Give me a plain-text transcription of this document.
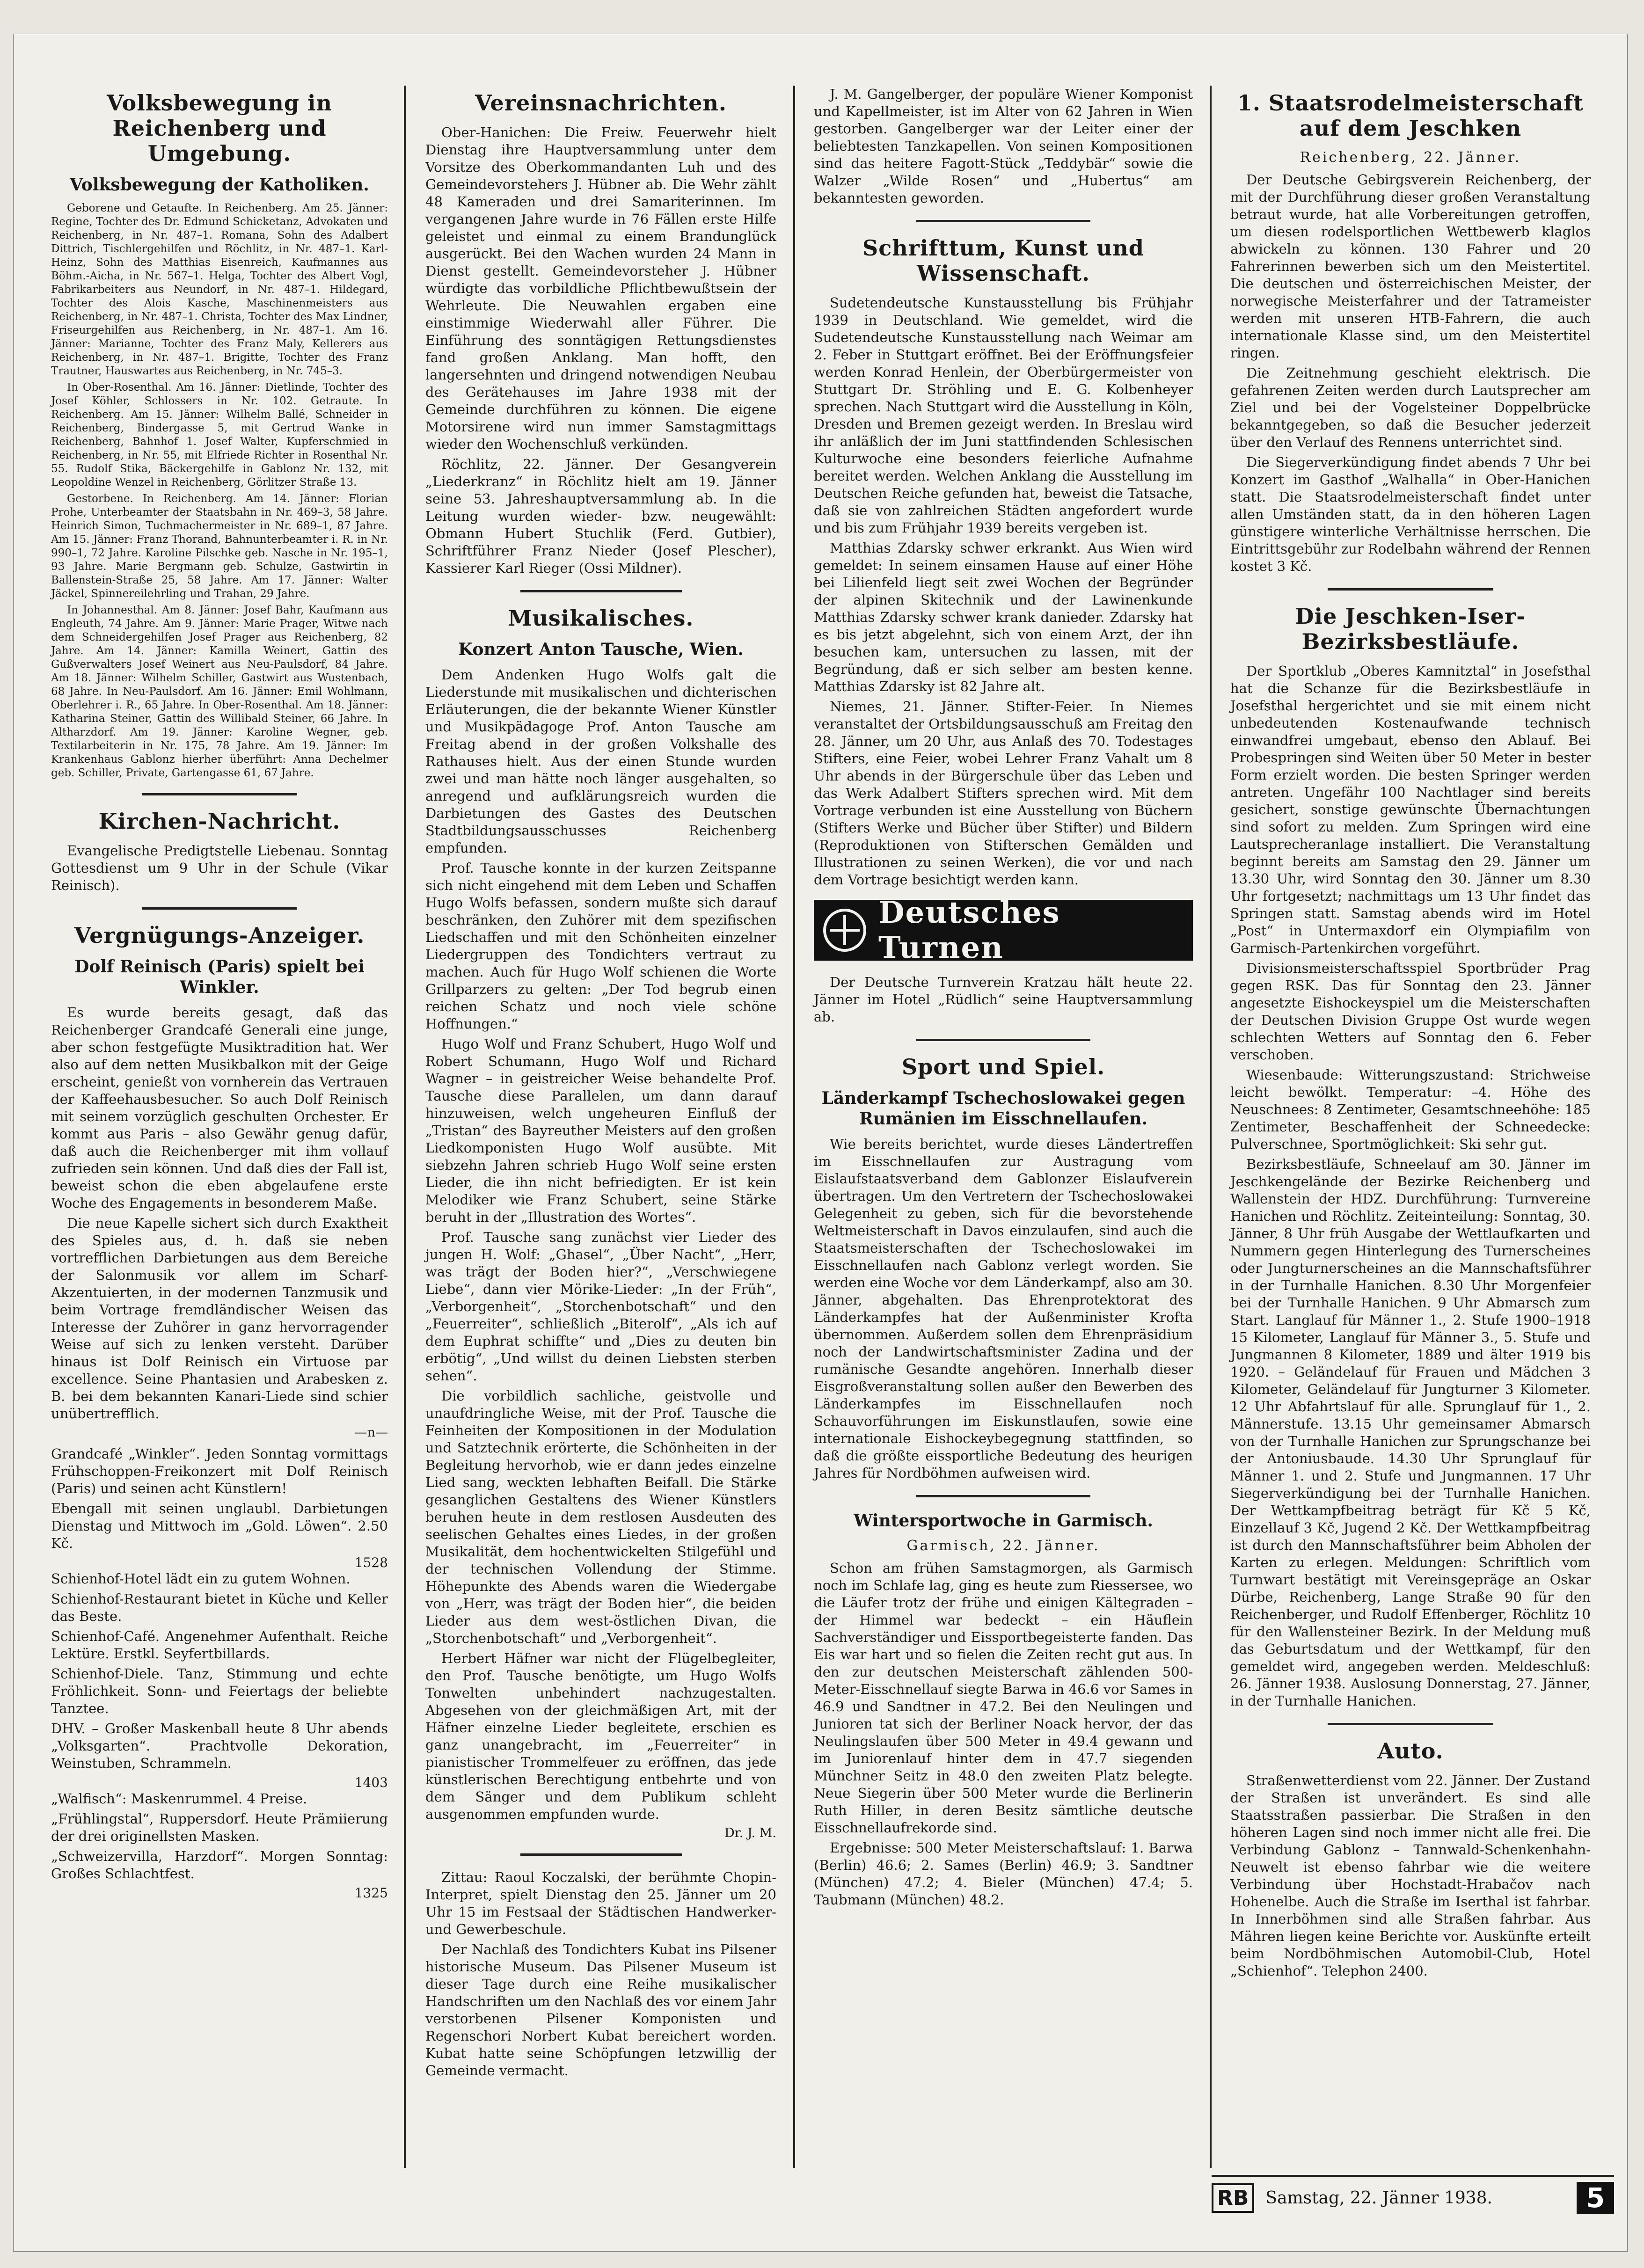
Volksbewegung in Reichenberg und Umgebung.
Volksbewegung der Katholiken.

Geborene und Getaufte. In Reichenberg. Am 25. Jänner: Regine, Tochter des Dr. Edmund Schicketanz, Advokaten und Reichenberg, in Nr. 487–1. Romana, Sohn des Adalbert Dittrich, Tischlergehilfen und Röchlitz, in Nr. 487–1. Karl-Heinz, Sohn des Matthias Eisenreich, Kaufmannes aus Böhm.-Aicha, in Nr. 567–1. Helga, Tochter des Albert Vogl, Fabrikarbeiters aus Neundorf, in Nr. 487–1. Hildegard, Tochter des Alois Kasche, Maschinenmeisters aus Reichenberg, in Nr. 487–1. Christa, Tochter des Max Lindner, Friseurgehilfen aus Reichenberg, in Nr. 487–1. Am 16. Jänner: Marianne, Tochter des Franz Maly, Kellerers aus Reichenberg, in Nr. 487–1. Brigitte, Tochter des Franz Trautner, Hauswartes aus Reichenberg, in Nr. 745–3.

In Ober-Rosenthal. Am 16. Jänner: Dietlinde, Tochter des Josef Köhler, Schlossers in Nr. 102. Getraute. In Reichenberg. Am 15. Jänner: Wilhelm Ballé, Schneider in Reichenberg, Bindergasse 5, mit Gertrud Wanke in Reichenberg, Bahnhof 1. Josef Walter, Kupferschmied in Reichenberg, in Nr. 55, mit Elfriede Richter in Rosenthal Nr. 55. Rudolf Stika, Bäckergehilfe in Gablonz Nr. 132, mit Leopoldine Wenzel in Reichenberg, Görlitzer Straße 13.

Gestorbene. In Reichenberg. Am 14. Jänner: Florian Prohe, Unterbeamter der Staatsbahn in Nr. 469–3, 58 Jahre. Heinrich Simon, Tuchmachermeister in Nr. 689–1, 87 Jahre. Am 15. Jänner: Franz Thorand, Bahnunterbeamter i. R. in Nr. 990–1, 72 Jahre. Karoline Pilschke geb. Nasche in Nr. 195–1, 93 Jahre. Marie Bergmann geb. Schulze, Gastwirtin in Ballenstein-Straße 25, 58 Jahre. Am 17. Jänner: Walter Jäckel, Spinnereilehrling und Trahan, 29 Jahre.

In Johannesthal. Am 8. Jänner: Josef Bahr, Kaufmann aus Engleuth, 74 Jahre. Am 9. Jänner: Marie Prager, Witwe nach dem Schneidergehilfen Josef Prager aus Reichenberg, 82 Jahre. Am 14. Jänner: Kamilla Weinert, Gattin des Gußverwalters Josef Weinert aus Neu-Paulsdorf, 84 Jahre. Am 18. Jänner: Wilhelm Schiller, Gastwirt aus Wustenbach, 68 Jahre. In Neu-Paulsdorf. Am 16. Jänner: Emil Wohlmann, Oberlehrer i. R., 65 Jahre. In Ober-Rosenthal. Am 18. Jänner: Katharina Steiner, Gattin des Willibald Steiner, 66 Jahre. In Altharzdorf. Am 19. Jänner: Karoline Wegner, geb. Textilarbeiterin in Nr. 175, 78 Jahre. Am 19. Jänner: Im Krankenhaus Gablonz hierher überführt: Anna Dechelmer geb. Schiller, Private, Gartengasse 61, 67 Jahre.

Kirchen-Nachricht.

Evangelische Predigtstelle Liebenau. Sonntag Gottesdienst um 9 Uhr in der Schule (Vikar Reinisch).

Vergnügungs-Anzeiger.
Dolf Reinisch (Paris) spielt bei Winkler.

Es wurde bereits gesagt, daß das Reichenberger Grandcafé Generali eine junge, aber schon festgefügte Musiktradition hat. Wer also auf dem netten Musikbalkon mit der Geige erscheint, genießt von vornherein das Vertrauen der Kaffeehausbesucher. So auch Dolf Reinisch mit seinem vorzüglich geschulten Orchester. Er kommt aus Paris – also Gewähr genug dafür, daß auch die Reichenberger mit ihm vollauf zufrieden sein können. Und daß dies der Fall ist, beweist schon die eben abgelaufene erste Woche des Engagements in besonderem Maße.

Die neue Kapelle sichert sich durch Exaktheit des Spieles aus, d. h. daß sie neben vortrefflichen Darbietungen aus dem Bereiche der Salonmusik vor allem im Scharf-Akzentuierten, in der modernen Tanzmusik und beim Vortrage fremdländischer Weisen das Interesse der Zuhörer in ganz hervorragender Weise auf sich zu lenken versteht. Darüber hinaus ist Dolf Reinisch ein Virtuose par excellence. Seine Phantasien und Arabesken z. B. bei dem bekannten Kanari-Liede sind schier unübertrefflich.

—n—

Grandcafé „Winkler“. Jeden Sonntag vormittags Frühschoppen-Freikonzert mit Dolf Reinisch (Paris) und seinen acht Künstlern!

Ebengall mit seinen unglaubl. Darbietungen Dienstag und Mittwoch im „Gold. Löwen“. 2.50 Kč.

1528

Schienhof-Hotel lädt ein zu gutem Wohnen.

Schienhof-Restaurant bietet in Küche und Keller das Beste.

Schienhof-Café. Angenehmer Aufenthalt. Reiche Lektüre. Erstkl. Seyfertbillards.

Schienhof-Diele. Tanz, Stimmung und echte Fröhlichkeit. Sonn- und Feiertags der beliebte Tanztee.

DHV. – Großer Maskenball heute 8 Uhr abends „Volksgarten“. Prachtvolle Dekoration, Weinstuben, Schrammeln.

1403

„Walfisch“: Maskenrummel. 4 Preise.

„Frühlingstal“, Ruppersdorf. Heute Prämiierung der drei originellsten Masken.

„Schweizervilla, Harzdorf“. Morgen Sonntag: Großes Schlachtfest.

1325
Vereinsnachrichten.

Ober-Hanichen: Die Freiw. Feuerwehr hielt Dienstag ihre Hauptversammlung unter dem Vorsitze des Oberkommandanten Luh und des Gemeindevorstehers J. Hübner ab. Die Wehr zählt 48 Kameraden und drei Samariterinnen. Im vergangenen Jahre wurde in 76 Fällen erste Hilfe geleistet und einmal zu einem Brandunglück ausgerückt. Bei den Wachen wurden 24 Mann in Dienst gestellt. Gemeindevorsteher J. Hübner würdigte das vorbildliche Pflichtbewußtsein der Wehrleute. Die Neuwahlen ergaben eine einstimmige Wiederwahl aller Führer. Die Einführung des sonntägigen Rettungsdienstes fand großen Anklang. Man hofft, den langersehnten und dringend notwendigen Neubau des Gerätehauses im Jahre 1938 mit der Gemeinde durchführen zu können. Die eigene Motorsirene wird nun immer Samstagmittags wieder den Wochenschluß verkünden.

Röchlitz, 22. Jänner. Der Gesangverein „Liederkranz“ in Röchlitz hielt am 19. Jänner seine 53. Jahreshauptversammlung ab. In die Leitung wurden wieder- bzw. neugewählt: Obmann Hubert Stuchlik (Ferd. Gutbier), Schriftführer Franz Nieder (Josef Plescher), Kassierer Karl Rieger (Ossi Mildner).

Musikalisches.
Konzert Anton Tausche, Wien.

Dem Andenken Hugo Wolfs galt die Liederstunde mit musikalischen und dichterischen Erläuterungen, die der bekannte Wiener Künstler und Musikpädagoge Prof. Anton Tausche am Freitag abend in der großen Volkshalle des Rathauses hielt. Aus der einen Stunde wurden zwei und man hätte noch länger ausgehalten, so anregend und aufklärungsreich wurden die Darbietungen des Gastes des Deutschen Stadtbildungsausschusses Reichenberg empfunden.

Prof. Tausche konnte in der kurzen Zeitspanne sich nicht eingehend mit dem Leben und Schaffen Hugo Wolfs befassen, sondern mußte sich darauf beschränken, den Zuhörer mit dem spezifischen Liedschaffen und mit den Schönheiten einzelner Liedergruppen des Tondichters vertraut zu machen. Auch für Hugo Wolf schienen die Worte Grillparzers zu gelten: „Der Tod begrub einen reichen Schatz und noch viele schöne Hoffnungen.“

Hugo Wolf und Franz Schubert, Hugo Wolf und Robert Schumann, Hugo Wolf und Richard Wagner – in geistreicher Weise behandelte Prof. Tausche diese Parallelen, um dann darauf hinzuweisen, welch ungeheuren Einfluß der „Tristan“ des Bayreuther Meisters auf den großen Liedkomponisten Hugo Wolf ausübte. Mit siebzehn Jahren schrieb Hugo Wolf seine ersten Lieder, die ihn nicht befriedigten. Er ist kein Melodiker wie Franz Schubert, seine Stärke beruht in der „Illustration des Wortes“.

Prof. Tausche sang zunächst vier Lieder des jungen H. Wolf: „Ghasel“, „Über Nacht“, „Herr, was trägt der Boden hier?“, „Verschwiegene Liebe“, dann vier Mörike-Lieder: „In der Früh“, „Verborgenheit“, „Storchenbotschaft“ und den „Feuerreiter“, schließlich „Biterolf“, „Als ich auf dem Euphrat schiffte“ und „Dies zu deuten bin erbötig“, „Und willst du deinen Liebsten sterben sehen“.

Die vorbildlich sachliche, geistvolle und unaufdringliche Weise, mit der Prof. Tausche die Feinheiten der Kompositionen in der Modulation und Satztechnik erörterte, die Schönheiten in der Begleitung hervorhob, wie er dann jedes einzelne Lied sang, weckten lebhaften Beifall. Die Stärke gesanglichen Gestaltens des Wiener Künstlers beruhen heute in dem restlosen Ausdeuten des seelischen Gehaltes eines Liedes, in der großen Musikalität, dem hochentwickelten Stilgefühl und der technischen Vollendung der Stimme. Höhepunkte des Abends waren die Wiedergabe von „Herr, was trägt der Boden hier“, die beiden Lieder aus dem west-östlichen Divan, die „Storchenbotschaft“ und „Verborgenheit“.

Herbert Häfner war nicht der Flügelbegleiter, den Prof. Tausche benötigte, um Hugo Wolfs Tonwelten unbehindert nachzugestalten. Abgesehen von der gleichmäßigen Art, mit der Häfner einzelne Lieder begleitete, erschien es ganz unangebracht, im „Feuerreiter“ in pianistischer Trommelfeuer zu eröffnen, das jede künstlerischen Berechtigung entbehrte und von dem Sänger und dem Publikum schleht ausgenommen empfunden wurde.

Dr. J. M.

Zittau: Raoul Koczalski, der berühmte Chopin-Interpret, spielt Dienstag den 25. Jänner um 20 Uhr 15 im Festsaal der Städtischen Handwerker- und Gewerbeschule.

Der Nachlaß des Tondichters Kubat ins Pilsener historische Museum. Das Pilsener Museum ist dieser Tage durch eine Reihe musikalischer Handschriften um den Nachlaß des vor einem Jahr verstorbenen Pilsener Komponisten und Regenschori Norbert Kubat bereichert worden. Kubat hatte seine Schöpfungen letzwillig der Gemeinde vermacht.

J. M. Gangelberger, der populäre Wiener Komponist und Kapellmeister, ist im Alter von 62 Jahren in Wien gestorben. Gangelberger war der Leiter einer der beliebtesten Tanzkapellen. Von seinen Kompositionen sind das heitere Fagott-Stück „Teddybär“ sowie die Walzer „Wilde Rosen“ und „Hubertus“ am bekanntesten geworden.

Schrifttum, Kunst und Wissenschaft.

Sudetendeutsche Kunstausstellung bis Frühjahr 1939 in Deutschland. Wie gemeldet, wird die Sudetendeutsche Kunstausstellung nach Weimar am 2. Feber in Stuttgart eröffnet. Bei der Eröffnungsfeier werden Konrad Henlein, der Oberbürgermeister von Stuttgart Dr. Ströhling und E. G. Kolbenheyer sprechen. Nach Stuttgart wird die Ausstellung in Köln, Dresden und Bremen gezeigt werden. In Breslau wird ihr anläßlich der im Juni stattfindenden Schlesischen Kulturwoche eine besonders feierliche Aufnahme bereitet werden. Welchen Anklang die Ausstellung im Deutschen Reiche gefunden hat, beweist die Tatsache, daß sie von zahlreichen Städten angefordert wurde und bis zum Frühjahr 1939 bereits vergeben ist.

Matthias Zdarsky schwer erkrankt. Aus Wien wird gemeldet: In seinem einsamen Hause auf einer Höhe bei Lilienfeld liegt seit zwei Wochen der Begründer der alpinen Skitechnik und der Lawinenkunde Matthias Zdarsky schwer krank danieder. Zdarsky hat es bis jetzt abgelehnt, sich von einem Arzt, der ihn besuchen kam, untersuchen zu lassen, mit der Begründung, daß er sich selber am besten kenne. Matthias Zdarsky ist 82 Jahre alt.

Niemes, 21. Jänner. Stifter-Feier. In Niemes veranstaltet der Ortsbildungsausschuß am Freitag den 28. Jänner, um 20 Uhr, aus Anlaß des 70. Todestages Stifters, eine Feier, wobei Lehrer Franz Vahalt um 8 Uhr abends in der Bürgerschule über das Leben und das Werk Adalbert Stifters sprechen wird. Mit dem Vortrage verbunden ist eine Ausstellung von Büchern (Stifters Werke und Bücher über Stifter) und Bildern (Reproduktionen von Stifterschen Gemälden und Illustrationen zu seinen Werken), die vor und nach dem Vortrage besichtigt werden kann.

Deutsches Turnen

Der Deutsche Turnverein Kratzau hält heute 22. Jänner im Hotel „Rüdlich“ seine Hauptversammlung ab.

Sport und Spiel.
Länderkampf Tschechoslowakei gegen Rumänien im Eisschnellaufen.

Wie bereits berichtet, wurde dieses Ländertreffen im Eisschnellaufen zur Austragung vom Eislaufstaatsverband dem Gablonzer Eislaufverein übertragen. Um den Vertretern der Tschechoslowakei Gelegenheit zu geben, sich für die bevorstehende Weltmeisterschaft in Davos einzulaufen, sind auch die Staatsmeisterschaften der Tschechoslowakei im Eisschnellaufen nach Gablonz verlegt worden. Sie werden eine Woche vor dem Länderkampf, also am 30. Jänner, abgehalten. Das Ehrenprotektorat des Länderkampfes hat der Außenminister Krofta übernommen. Außerdem sollen dem Ehrenpräsidium noch der Landwirtschaftsminister Zadina und der rumänische Gesandte angehören. Innerhalb dieser Eisgroßveranstaltung sollen außer den Bewerben des Länderkampfes im Eisschnellaufen noch Schauvorführungen im Eiskunstlaufen, sowie eine internationale Eishockeybegegnung stattfinden, so daß die größte eissportliche Bedeutung des heurigen Jahres für Nordböhmen aufweisen wird.

Wintersportwoche in Garmisch.
Garmisch, 22. Jänner.

Schon am frühen Samstagmorgen, als Garmisch noch im Schlafe lag, ging es heute zum Riessersee, wo die Läufer trotz der frühe und einigen Kältegraden – der Himmel war bedeckt – ein Häuflein Sachverständiger und Eissportbegeisterte fanden. Das Eis war hart und so fielen die Zeiten recht gut aus. In den zur deutschen Meisterschaft zählenden 500-Meter-Eisschnellauf siegte Barwa in 46.6 vor Sames in 46.9 und Sandtner in 47.2. Bei den Neulingen und Junioren tat sich der Berliner Noack hervor, der das Neulingslaufen über 500 Meter in 49.4 gewann und im Juniorenlauf hinter dem in 47.7 siegenden Münchner Seitz in 48.0 den zweiten Platz belegte. Neue Siegerin über 500 Meter wurde die Berlinerin Ruth Hiller, in deren Besitz sämtliche deutsche Eisschnellaufrekorde sind.

Ergebnisse: 500 Meter Meisterschaftslauf: 1. Barwa (Berlin) 46.6; 2. Sames (Berlin) 46.9; 3. Sandtner (München) 47.2; 4. Bieler (München) 47.4; 5. Taubmann (München) 48.2.

1. Staatsrodelmeisterschaft auf dem Jeschken
Reichenberg, 22. Jänner.

Der Deutsche Gebirgsverein Reichenberg, der mit der Durchführung dieser großen Veranstaltung betraut wurde, hat alle Vorbereitungen getroffen, um diesen rodelsportlichen Wettbewerb klaglos abwickeln zu können. 130 Fahrer und 20 Fahrerinnen bewerben sich um den Meistertitel. Die deutschen und österreichischen Meister, der norwegische Meisterfahrer und der Tatrameister werden mit unseren HTB-Fahrern, die auch internationale Klasse sind, um den Meistertitel ringen.

Die Zeitnehmung geschieht elektrisch. Die gefahrenen Zeiten werden durch Lautsprecher am Ziel und bei der Vogelsteiner Doppelbrücke bekanntgegeben, so daß die Besucher jederzeit über den Verlauf des Rennens unterrichtet sind.

Die Siegerverkündigung findet abends 7 Uhr bei Konzert im Gasthof „Walhalla“ in Ober-Hanichen statt. Die Staatsrodelmeisterschaft findet unter allen Umständen statt, da in den höheren Lagen günstigere winterliche Verhältnisse herrschen. Die Eintrittsgebühr zur Rodelbahn während der Rennen kostet 3 Kč.

Die Jeschken-Iser-Bezirksbestläufe.

Der Sportklub „Oberes Kamnitztal“ in Josefsthal hat die Schanze für die Bezirksbestläufe in Josefsthal hergerichtet und sie mit einem nicht unbedeutenden Kostenaufwande technisch einwandfrei umgebaut, ebenso den Ablauf. Bei Probespringen sind Weiten über 50 Meter in bester Form erzielt worden. Die besten Springer werden antreten. Ungefähr 100 Nachtlager sind bereits gesichert, sonstige gewünschte Übernachtungen sind sofort zu melden. Zum Springen wird eine Lautsprecheranlage installiert. Die Veranstaltung beginnt bereits am Samstag den 29. Jänner um 13.30 Uhr, wird Sonntag den 30. Jänner um 8.30 Uhr fortgesetzt; nachmittags um 13 Uhr findet das Springen statt. Samstag abends wird im Hotel „Post“ in Untermaxdorf ein Olympiafilm von Garmisch-Partenkirchen vorgeführt.

Divisionsmeisterschaftsspiel Sportbrüder Prag gegen RSK. Das für Sonntag den 23. Jänner angesetzte Eishockeyspiel um die Meisterschaften der Deutschen Division Gruppe Ost wurde wegen schlechten Wetters auf Sonntag den 6. Feber verschoben.

Wiesenbaude: Witterungszustand: Strichweise leicht bewölkt. Temperatur: –4. Höhe des Neuschnees: 8 Zentimeter, Gesamtschneehöhe: 185 Zentimeter, Beschaffenheit der Schneedecke: Pulverschnee, Sportmöglichkeit: Ski sehr gut.

Bezirksbestläufe, Schneelauf am 30. Jänner im Jeschkengelände der Bezirke Reichenberg und Wallenstein der HDZ. Durchführung: Turnvereine Hanichen und Röchlitz. Zeiteinteilung: Sonntag, 30. Jänner, 8 Uhr früh Ausgabe der Wettlaufkarten und Nummern gegen Hinterlegung des Turnerscheines oder Jungturnerscheines an die Mannschaftsführer in der Turnhalle Hanichen. 8.30 Uhr Morgenfeier bei der Turnhalle Hanichen. 9 Uhr Abmarsch zum Start. Langlauf für Männer 1., 2. Stufe 1900–1918 15 Kilometer, Langlauf für Männer 3., 5. Stufe und Jungmannen 8 Kilometer, 1889 und älter 1919 bis 1920. – Geländelauf für Frauen und Mädchen 3 Kilometer, Geländelauf für Jungturner 3 Kilometer. 12 Uhr Abfahrtslauf für alle. Sprunglauf für 1., 2. Männerstufe. 13.15 Uhr gemeinsamer Abmarsch von der Turnhalle Hanichen zur Sprungschanze bei der Antoniusbaude. 14.30 Uhr Sprunglauf für Männer 1. und 2. Stufe und Jungmannen. 17 Uhr Siegerverkündigung bei der Turnhalle Hanichen. Der Wettkampfbeitrag beträgt für Kč 5 Kč, Einzellauf 3 Kč, Jugend 2 Kč. Der Wettkampfbeitrag ist durch den Mannschaftsführer beim Abholen der Karten zu erlegen. Meldungen: Schriftlich vom Turnwart bestätigt mit Vereinsgepräge an Oskar Dürbe, Reichenberg, Lange Straße 90 für den Reichenberger, und Rudolf Effenberger, Röchlitz 10 für den Wallensteiner Bezirk. In der Meldung muß das Geburtsdatum und der Wettkampf, für den gemeldet wird, angegeben werden. Meldeschluß: 26. Jänner 1938. Auslosung Donnerstag, 27. Jänner, in der Turnhalle Hanichen.

Auto.

Straßenwetterdienst vom 22. Jänner. Der Zustand der Straßen ist unverändert. Es sind alle Staatsstraßen passierbar. Die Straßen in den höheren Lagen sind noch immer nicht alle frei. Die Verbindung Gablonz – Tannwald-Schenkenhahn-Neuwelt ist ebenso fahrbar wie die weitere Verbindung über Hochstadt-Hrabačov nach Hohenelbe. Auch die Straße im Iserthal ist fahrbar. In Innerböhmen sind alle Straßen fahrbar. Aus Mähren liegen keine Berichte vor. Auskünfte erteilt beim Nordböhmischen Automobil-Club, Hotel „Schienhof“. Telephon 2400.

RB	Samstag, 22. Jänner 1938.	5
